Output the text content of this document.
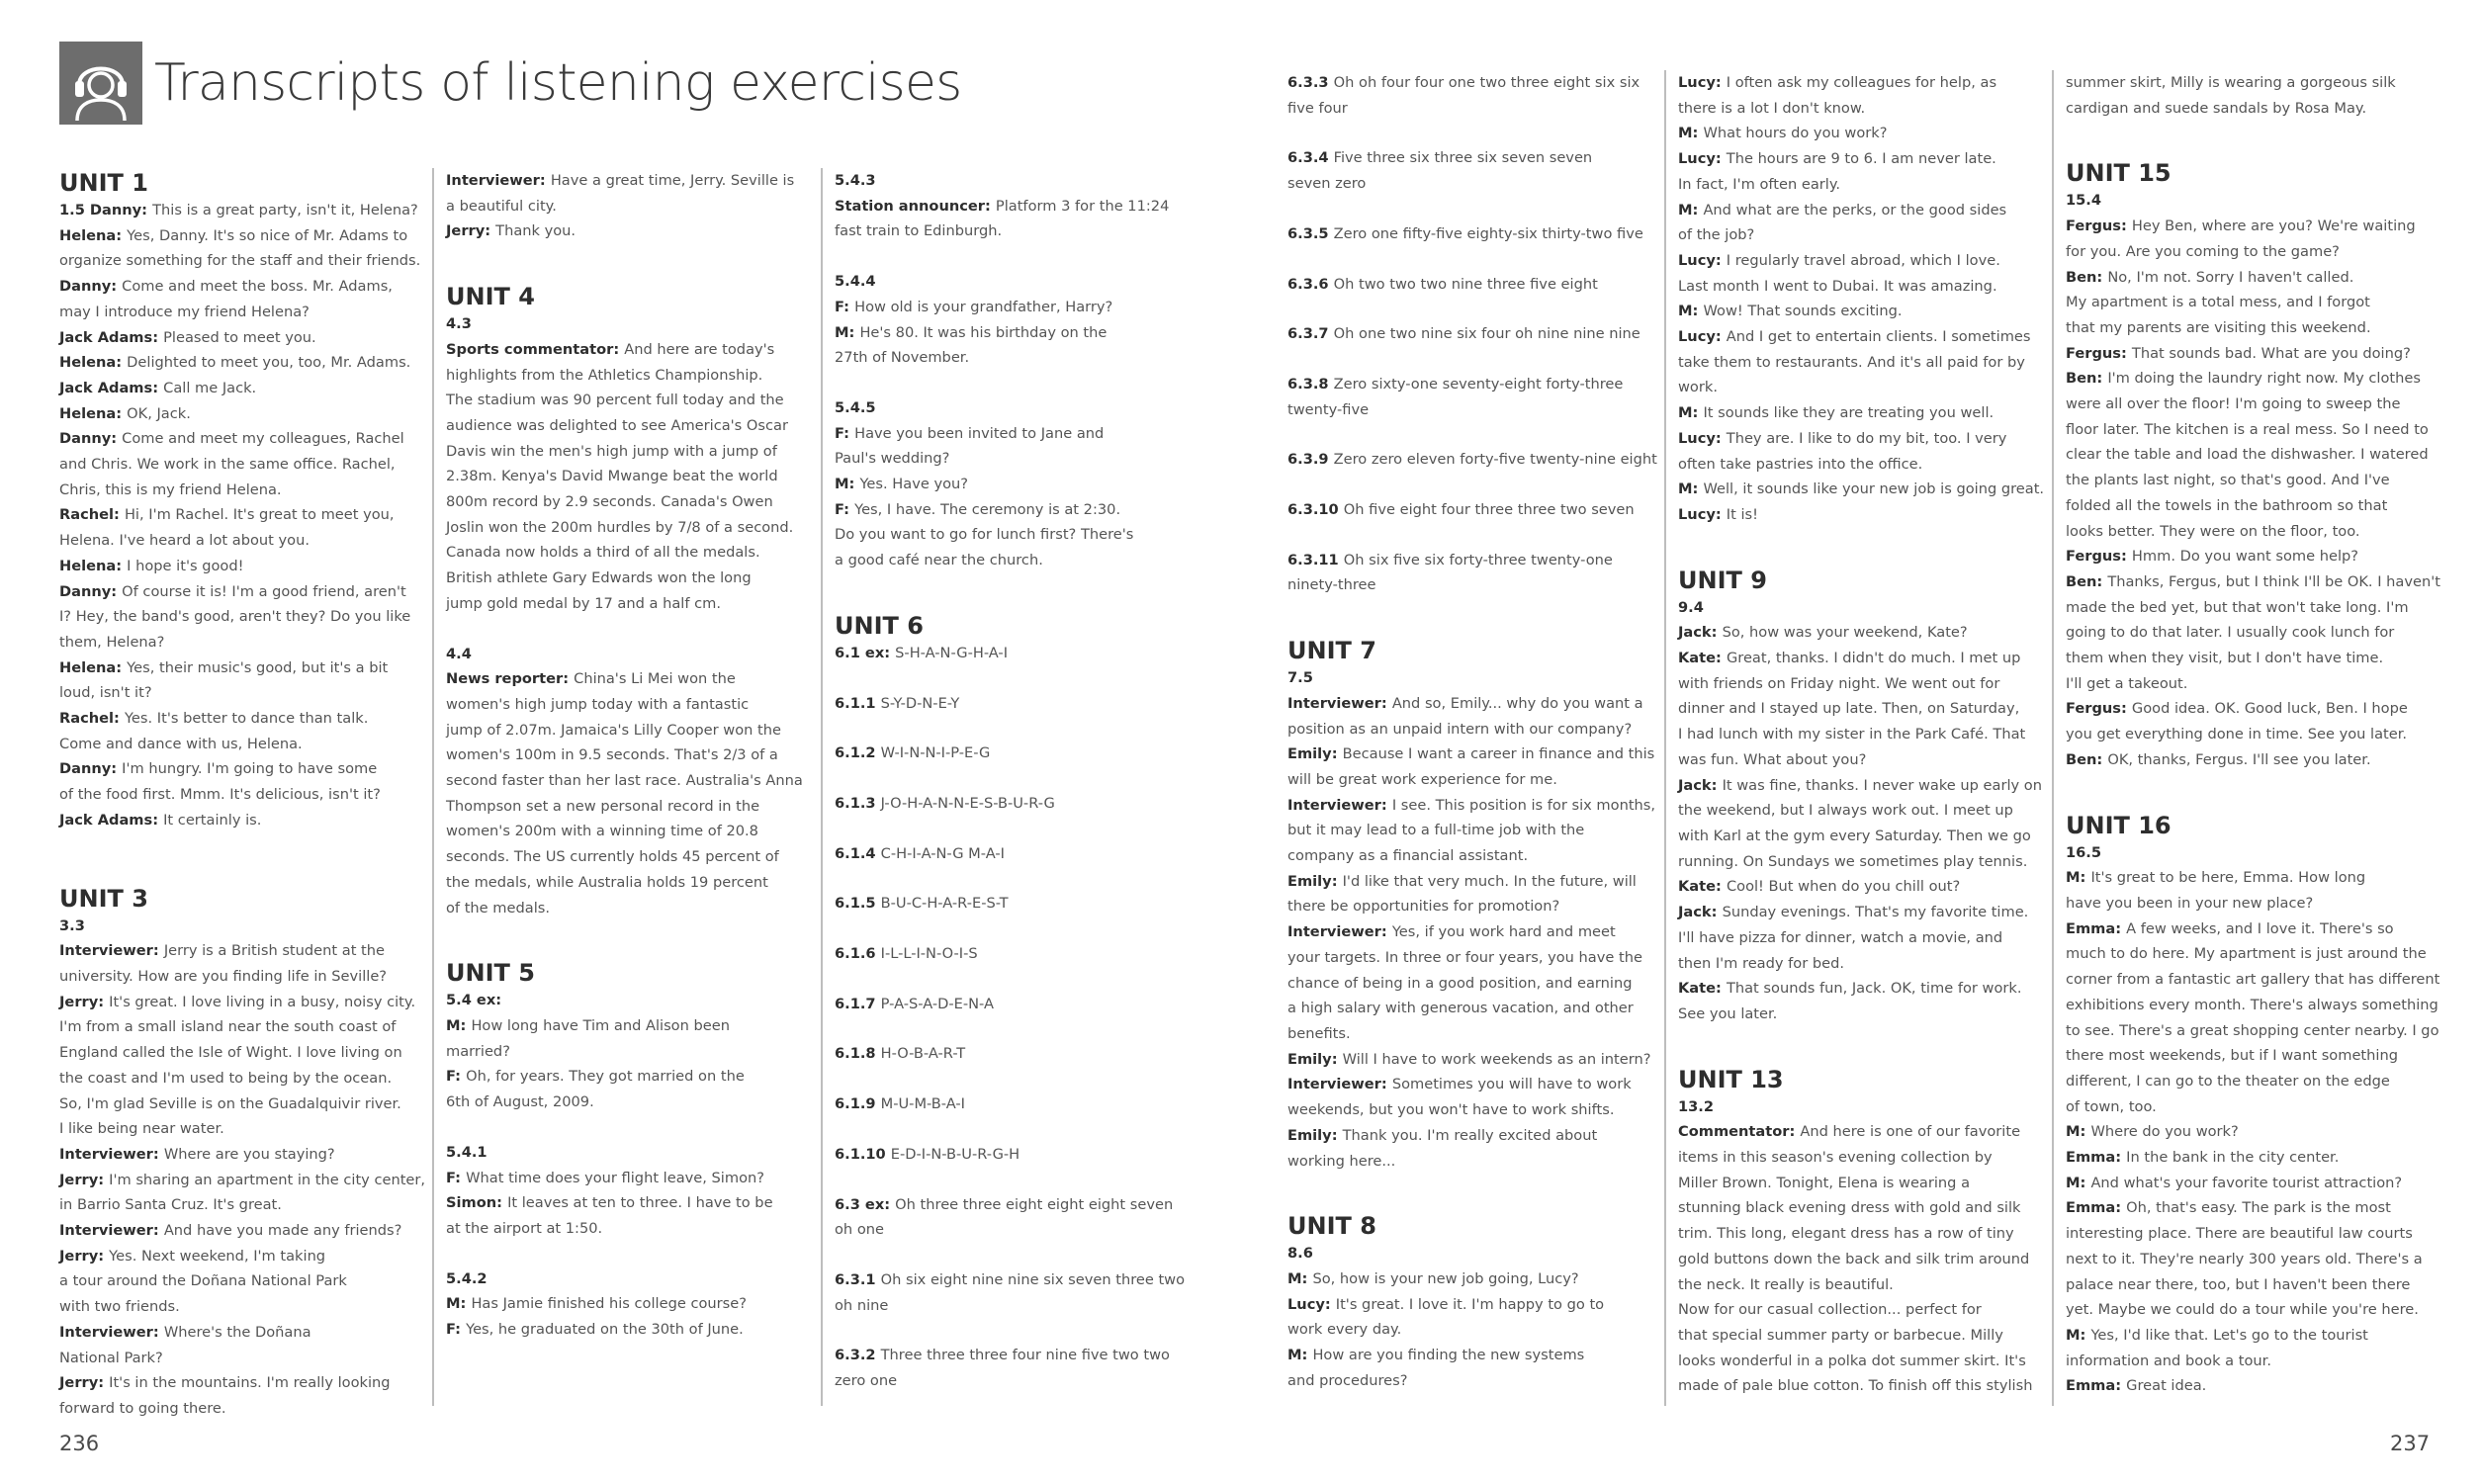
Transcripts of listening exercises
UNIT 1
1.5 Danny: This is a great party, isn't it, Helena?
Helena: Yes, Danny. It's so nice of Mr. Adams to
organize something for the staff and their friends.
Danny: Come and meet the boss. Mr. Adams,
may I introduce my friend Helena?
Jack Adams: Pleased to meet you.
Helena: Delighted to meet you, too, Mr. Adams.
Jack Adams: Call me Jack.
Helena: OK, Jack.
Danny: Come and meet my colleagues, Rachel
and Chris. We work in the same office. Rachel,
Chris, this is my friend Helena.
Rachel: Hi, I'm Rachel. It's great to meet you,
Helena. I've heard a lot about you.
Helena: I hope it's good!
Danny: Of course it is! I'm a good friend, aren't
I? Hey, the band's good, aren't they? Do you like
them, Helena?
Helena: Yes, their music's good, but it's a bit
loud, isn't it?
Rachel: Yes. It's better to dance than talk.
Come and dance with us, Helena.
Danny: I'm hungry. I'm going to have some
of the food first. Mmm. It's delicious, isn't it?
Jack Adams: It certainly is.
UNIT 3
3.3
Interviewer: Jerry is a British student at the
university. How are you finding life in Seville?
Jerry: It's great. I love living in a busy, noisy city.
I'm from a small island near the south coast of
England called the Isle of Wight. I love living on
the coast and I'm used to being by the ocean.
So, I'm glad Seville is on the Guadalquivir river.
I like being near water.
Interviewer: Where are you staying?
Jerry: I'm sharing an apartment in the city center,
in Barrio Santa Cruz. It's great.
Interviewer: And have you made any friends?
Jerry: Yes. Next weekend, I'm taking
a tour around the Doñana National Park
with two friends.
Interviewer: Where's the Doñana
National Park?
Jerry: It's in the mountains. I'm really looking
forward to going there.
Interviewer: Have a great time, Jerry. Seville is
a beautiful city.
Jerry: Thank you.
UNIT 4
4.3
Sports commentator: And here are today's
highlights from the Athletics Championship.
The stadium was 90 percent full today and the
audience was delighted to see America's Oscar
Davis win the men's high jump with a jump of
2.38m. Kenya's David Mwange beat the world
800m record by 2.9 seconds. Canada's Owen
Joslin won the 200m hurdles by 7/8 of a second.
Canada now holds a third of all the medals.
British athlete Gary Edwards won the long
jump gold medal by 17 and a half cm.
4.4
News reporter: China's Li Mei won the
women's high jump today with a fantastic
jump of 2.07m. Jamaica's Lilly Cooper won the
women's 100m in 9.5 seconds. That's 2/3 of a
second faster than her last race. Australia's Anna
Thompson set a new personal record in the
women's 200m with a winning time of 20.8
seconds. The US currently holds 45 percent of
the medals, while Australia holds 19 percent
of the medals.
UNIT 5
5.4 ex:
M: How long have Tim and Alison been
married?
F: Oh, for years. They got married on the
6th of August, 2009.
5.4.1
F: What time does your flight leave, Simon?
Simon: It leaves at ten to three. I have to be
at the airport at 1:50.
5.4.2
M: Has Jamie finished his college course?
F: Yes, he graduated on the 30th of June.
5.4.3
Station announcer: Platform 3 for the 11:24
fast train to Edinburgh.
5.4.4
F: How old is your grandfather, Harry?
M: He's 80. It was his birthday on the
27th of November.
5.4.5
F: Have you been invited to Jane and
Paul's wedding?
M: Yes. Have you?
F: Yes, I have. The ceremony is at 2:30.
Do you want to go for lunch first? There's
a good café near the church.
UNIT 6
6.1 ex: S-H-A-N-G-H-A-I
6.1.1 S-Y-D-N-E-Y
6.1.2 W-I-N-N-I-P-E-G
6.1.3 J-O-H-A-N-N-E-S-B-U-R-G
6.1.4 C-H-I-A-N-G M-A-I
6.1.5 B-U-C-H-A-R-E-S-T
6.1.6 I-L-L-I-N-O-I-S
6.1.7 P-A-S-A-D-E-N-A
6.1.8 H-O-B-A-R-T
6.1.9 M-U-M-B-A-I
6.1.10 E-D-I-N-B-U-R-G-H
6.3 ex: Oh three three eight eight eight seven
oh one
6.3.1 Oh six eight nine nine six seven three two
oh nine
6.3.2 Three three three four nine five two two
zero one
6.3.3 Oh oh four four one two three eight six six
five four
6.3.4 Five three six three six seven seven
seven zero
6.3.5 Zero one fifty-five eighty-six thirty-two five
6.3.6 Oh two two two nine three five eight
6.3.7 Oh one two nine six four oh nine nine nine
6.3.8 Zero sixty-one seventy-eight forty-three
twenty-five
6.3.9 Zero zero eleven forty-five twenty-nine eight
6.3.10 Oh five eight four three three two seven
6.3.11 Oh six five six forty-three twenty-one
ninety-three
UNIT 7
7.5
Interviewer: And so, Emily... why do you want a
position as an unpaid intern with our company?
Emily: Because I want a career in finance and this
will be great work experience for me.
Interviewer: I see. This position is for six months,
but it may lead to a full-time job with the
company as a financial assistant.
Emily: I'd like that very much. In the future, will
there be opportunities for promotion?
Interviewer: Yes, if you work hard and meet
your targets. In three or four years, you have the
chance of being in a good position, and earning
a high salary with generous vacation, and other
benefits.
Emily: Will I have to work weekends as an intern?
Interviewer: Sometimes you will have to work
weekends, but you won't have to work shifts.
Emily: Thank you. I'm really excited about
working here...
UNIT 8
8.6
M: So, how is your new job going, Lucy?
Lucy: It's great. I love it. I'm happy to go to
work every day.
M: How are you finding the new systems
and procedures?
Lucy: I often ask my colleagues for help, as
there is a lot I don't know.
M: What hours do you work?
Lucy: The hours are 9 to 6. I am never late.
In fact, I'm often early.
M: And what are the perks, or the good sides
of the job?
Lucy: I regularly travel abroad, which I love.
Last month I went to Dubai. It was amazing.
M: Wow! That sounds exciting.
Lucy: And I get to entertain clients. I sometimes
take them to restaurants. And it's all paid for by
work.
M: It sounds like they are treating you well.
Lucy: They are. I like to do my bit, too. I very
often take pastries into the office.
M: Well, it sounds like your new job is going great.
Lucy: It is!
UNIT 9
9.4
Jack: So, how was your weekend, Kate?
Kate: Great, thanks. I didn't do much. I met up
with friends on Friday night. We went out for
dinner and I stayed up late. Then, on Saturday,
I had lunch with my sister in the Park Café. That
was fun. What about you?
Jack: It was fine, thanks. I never wake up early on
the weekend, but I always work out. I meet up
with Karl at the gym every Saturday. Then we go
running. On Sundays we sometimes play tennis.
Kate: Cool! But when do you chill out?
Jack: Sunday evenings. That's my favorite time.
I'll have pizza for dinner, watch a movie, and
then I'm ready for bed.
Kate: That sounds fun, Jack. OK, time for work.
See you later.
UNIT 13
13.2
Commentator: And here is one of our favorite
items in this season's evening collection by
Miller Brown. Tonight, Elena is wearing a
stunning black evening dress with gold and silk
trim. This long, elegant dress has a row of tiny
gold buttons down the back and silk trim around
the neck. It really is beautiful.
Now for our casual collection... perfect for
that special summer party or barbecue. Milly
looks wonderful in a polka dot summer skirt. It's
made of pale blue cotton. To finish off this stylish
summer skirt, Milly is wearing a gorgeous silk
cardigan and suede sandals by Rosa May.
UNIT 15
15.4
Fergus: Hey Ben, where are you? We're waiting
for you. Are you coming to the game?
Ben: No, I'm not. Sorry I haven't called.
My apartment is a total mess, and I forgot
that my parents are visiting this weekend.
Fergus: That sounds bad. What are you doing?
Ben: I'm doing the laundry right now. My clothes
were all over the floor! I'm going to sweep the
floor later. The kitchen is a real mess. So I need to
clear the table and load the dishwasher. I watered
the plants last night, so that's good. And I've
folded all the towels in the bathroom so that
looks better. They were on the floor, too.
Fergus: Hmm. Do you want some help?
Ben: Thanks, Fergus, but I think I'll be OK. I haven't
made the bed yet, but that won't take long. I'm
going to do that later. I usually cook lunch for
them when they visit, but I don't have time.
I'll get a takeout.
Fergus: Good idea. OK. Good luck, Ben. I hope
you get everything done in time. See you later.
Ben: OK, thanks, Fergus. I'll see you later.
UNIT 16
16.5
M: It's great to be here, Emma. How long
have you been in your new place?
Emma: A few weeks, and I love it. There's so
much to do here. My apartment is just around the
corner from a fantastic art gallery that has different
exhibitions every month. There's always something
to see. There's a great shopping center nearby. I go
there most weekends, but if I want something
different, I can go to the theater on the edge
of town, too.
M: Where do you work?
Emma: In the bank in the city center.
M: And what's your favorite tourist attraction?
Emma: Oh, that's easy. The park is the most
interesting place. There are beautiful law courts
next to it. They're nearly 300 years old. There's a
palace near there, too, but I haven't been there
yet. Maybe we could do a tour while you're here.
M: Yes, I'd like that. Let's go to the tourist
information and book a tour.
Emma: Great idea.
236	237
